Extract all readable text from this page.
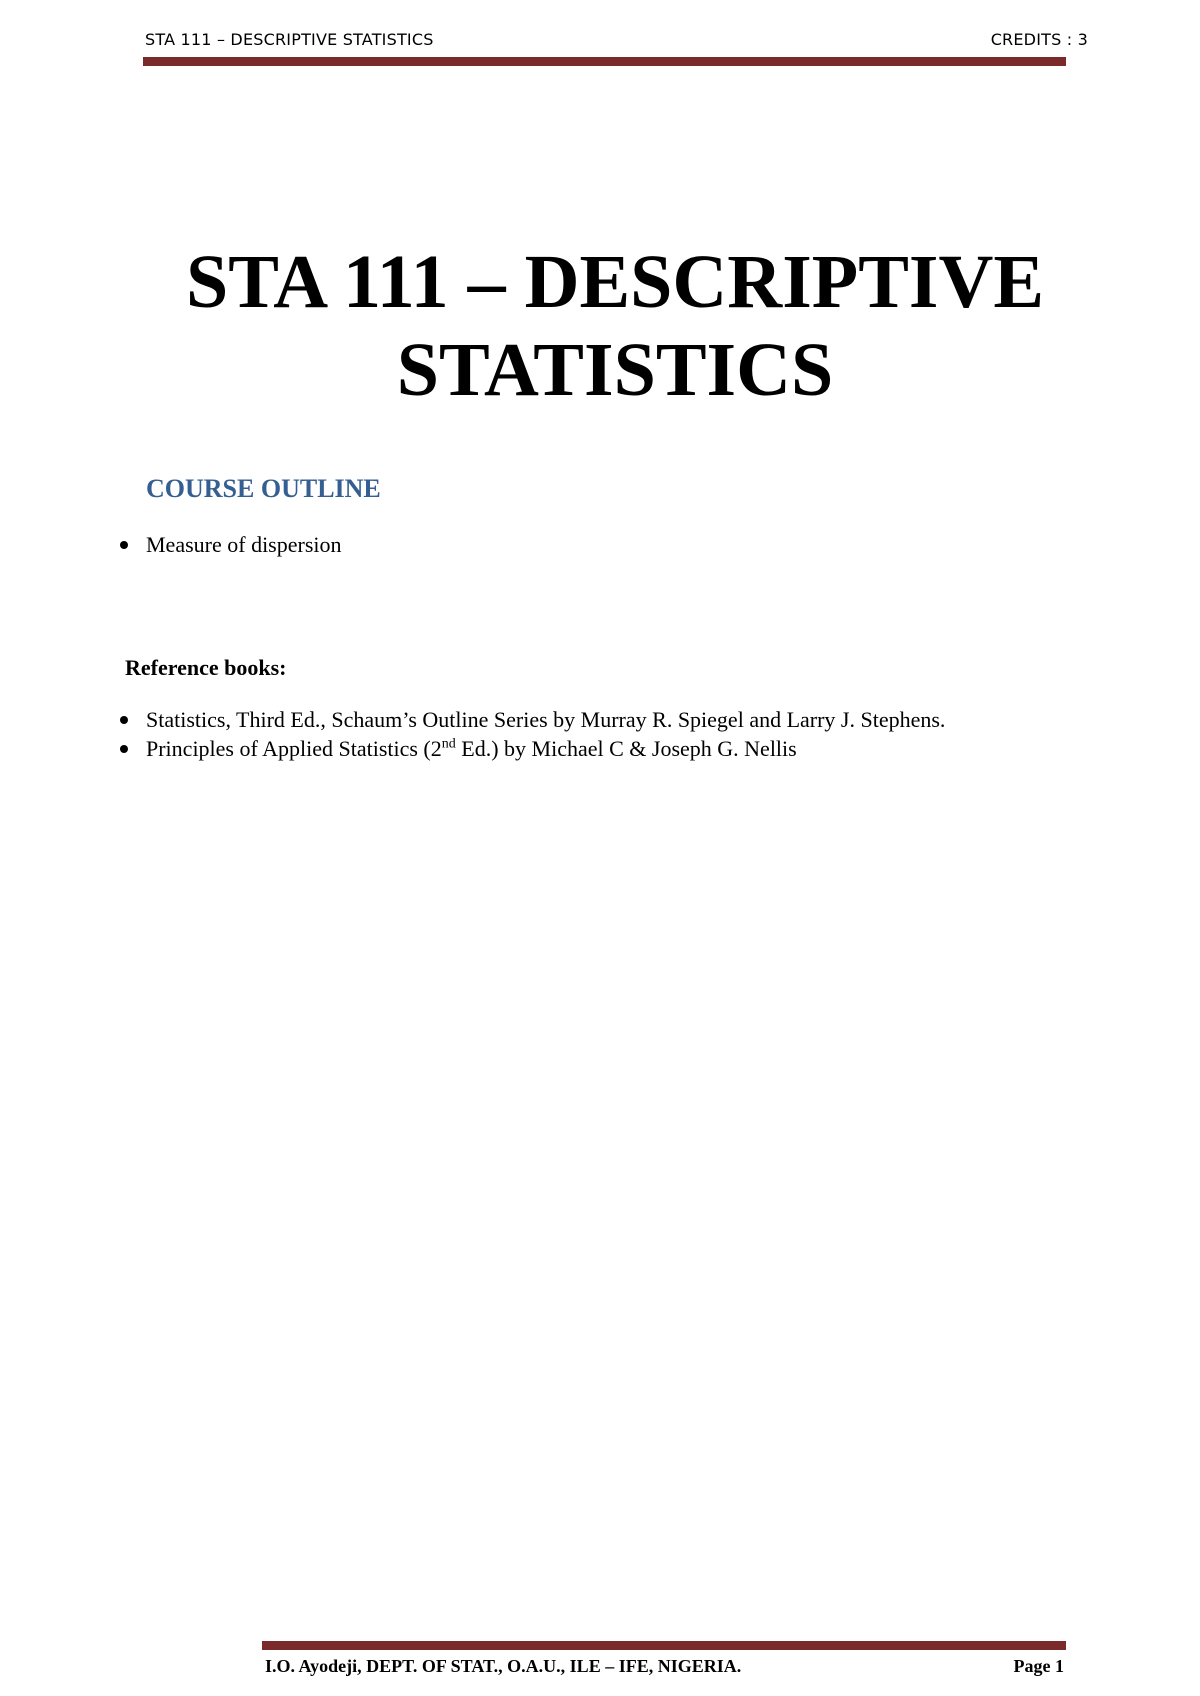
STA 111 – DESCRIPTIVE STATISTICS	CREDITS : 3
STA 111 – DESCRIPTIVE
STATISTICS
COURSE OUTLINE
Measure of dispersion
Reference books:
Statistics, Third Ed., Schaum’s Outline Series by Murray R. Spiegel and Larry J. Stephens.
Principles of Applied Statistics (2nd Ed.) by Michael C & Joseph G. Nellis
I.O. Ayodeji, DEPT. OF STAT., O.A.U., ILE – IFE, NIGERIA.	Page 1
